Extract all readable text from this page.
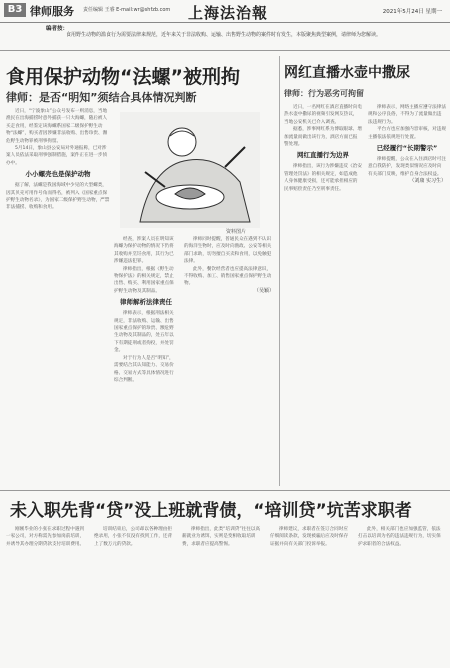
B3 律师服务 责任编辑 王睿 E-mail:wr@shfzb.com 上海法治報	2021年5月24日 星期一
编者按：
食用野生动物的滥食行为需要法律来规范，近年来关于非法收购、运输、出售野生动物的案件时有发生，本版聚焦典型案例，请律师为您解读。
食用保护动物“法螺”被刑拘
律师：是否“明知”须结合具体情况判断

近日，“宁波象山”公众号发布一则消息，当地渔民在出海捕捞时意外捕获一只大海螺，随后被人买走食用，经鉴定该海螺系国家二级保护野生动物“法螺”，购买者因涉嫌非法收购、出售珍贵、濒危野生动物罪被刑事拘留。

5月14日，象山县公安局对外通报称，已对涉案人员依法采取刑事强制措施，案件正在进一步侦办中。

小小螺壳也是保护动物

据了解，法螺是我国海域中少见的大型螺类，因其贝壳可用作号角而得名，被列入《国家重点保护野生动物名录》，为国家二级保护野生动物，严禁非法捕捞、收购和食用。

资料图片

经查，涉案人员在明知该海螺为保护动物的情况下仍将其收购并烹饪食用，其行为已涉嫌违法犯罪。

律师指出，根据《野生动物保护法》的相关规定，禁止出售、购买、利用国家重点保护野生动物及其制品。

律师解析法律责任

律师表示，根据刑法相关规定，非法收购、运输、出售国家重点保护的珍贵、濒危野生动物及其制品的，处五年以下有期徒刑或者拘役，并处罚金。

对于行为人是否“明知”，需要结合其认知能力、交易价格、交易方式等具体情况进行综合判断。

律师同时提醒，普通民众在遇到不认识的海洋生物时，应及时向渔政、公安等相关部门求助，切勿擅自买卖和食用，以免触犯法律。

此外，餐饮经营者也应提高法律意识，不得收购、加工、销售国家重点保护野生动物。

（吴颖）
网红直播水壶中撒尿
律师：行为恶劣可拘留

近日，一名网红在酒店直播时向电热水壶中撒尿的视频引发网友热议，当地公安机关已介入调查。

据悉，涉事网红系为博取眼球、增加流量而做出该行为，酒店方面已报警处理。

网红直播行为边界

律师指出，该行为涉嫌违反《治安管理处罚法》的相关规定，如造成他人身体健康受损，还可能承担相应的民事赔偿责任乃至刑事责任。

律师表示，网络主播应遵守法律法规和公序良俗，不得为了流量做出违法违规行为。

平台方也应加强内容审核，对违规主播依法依规进行处置。

已经履行“长期警示”

律师提醒，公众在入住酒店时可注意自我防护，发现类似情况应及时向有关部门反映，维护自身合法权益。

（刘康 实习生）
未入职先背“贷”没上班就背债，“培训贷”坑苦求职者

刚刚毕业的小张在求职过程中遇到一家公司，对方称需先参加岗前培训，并诱导其办理分期贷款支付培训费用。

培训结束后，公司却以各种理由拒绝录用，小张不仅没有找到工作，还背上了数万元的贷款。

律师指出，此类“培训贷”往往以高薪就业为诱饵，实则是变相收取培训费，求职者应提高警惕。

律师建议，求职者在签订合同时应仔细阅读条款，发现被骗后应及时保存证据并向有关部门投诉举报。

此外，相关部门也应加强监管，依法打击以培训为名的违法违规行为，切实保护求职者的合法权益。
